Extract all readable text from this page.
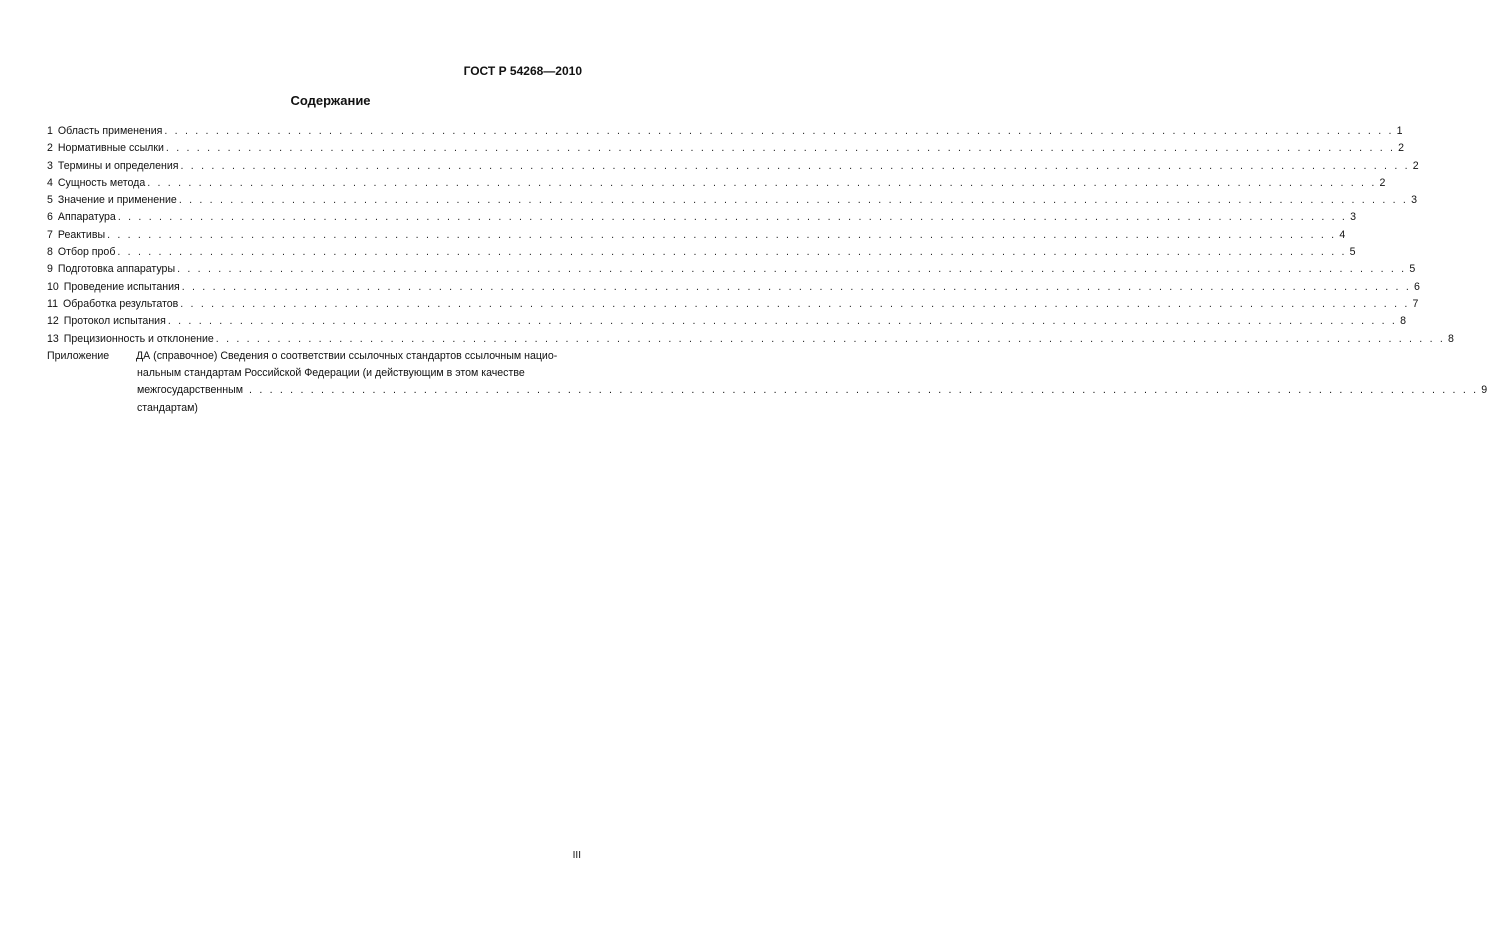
ГОСТ Р 54268—2010
Содержание
1 Область применения . . . . . . . . . . . . . . . . . . . . . . . . . . . . . . . . . . . . . . . . . . . . . . . . . . . . . . . . . . . . . . . . . . . . . . . . . . . . . . . . . . . . . . . . . . . . . . . . . . . . . . . . . . . . . . . . . . . . . . . . 1
2 Нормативные ссылки . . . . . . . . . . . . . . . . . . . . . . . . . . . . . . . . . . . . . . . . . . . . . . . . . . . . . . . . . . . . . . . . . . . . . . . . . . . . . . . . . . . . . . . . . . . . . . . . . . . . . . . . . . . . . . . . . . . . . . . . 2
3 Термины и определения . . . . . . . . . . . . . . . . . . . . . . . . . . . . . . . . . . . . . . . . . . . . . . . . . . . . . . . . . . . . . . . . . . . . . . . . . . . . . . . . . . . . . . . . . . . . . . . . . . . . . . . . . . . . . . . . . . . . . . . . 2
4 Сущность метода . . . . . . . . . . . . . . . . . . . . . . . . . . . . . . . . . . . . . . . . . . . . . . . . . . . . . . . . . . . . . . . . . . . . . . . . . . . . . . . . . . . . . . . . . . . . . . . . . . . . . . . . . . . . . . . . . . . . . . . . 2
5 Значение и применение . . . . . . . . . . . . . . . . . . . . . . . . . . . . . . . . . . . . . . . . . . . . . . . . . . . . . . . . . . . . . . . . . . . . . . . . . . . . . . . . . . . . . . . . . . . . . . . . . . . . . . . . . . . . . . . . . . . . . . . . 3
6 Аппаратура . . . . . . . . . . . . . . . . . . . . . . . . . . . . . . . . . . . . . . . . . . . . . . . . . . . . . . . . . . . . . . . . . . . . . . . . . . . . . . . . . . . . . . . . . . . . . . . . . . . . . . . . . . . . . . . . . . . . . . . . 3
7 Реактивы . . . . . . . . . . . . . . . . . . . . . . . . . . . . . . . . . . . . . . . . . . . . . . . . . . . . . . . . . . . . . . . . . . . . . . . . . . . . . . . . . . . . . . . . . . . . . . . . . . . . . . . . . . . . . . . . . . . . . . . . 4
8 Отбор проб . . . . . . . . . . . . . . . . . . . . . . . . . . . . . . . . . . . . . . . . . . . . . . . . . . . . . . . . . . . . . . . . . . . . . . . . . . . . . . . . . . . . . . . . . . . . . . . . . . . . . . . . . . . . . . . . . . . . . . . . 5
9 Подготовка аппаратуры . . . . . . . . . . . . . . . . . . . . . . . . . . . . . . . . . . . . . . . . . . . . . . . . . . . . . . . . . . . . . . . . . . . . . . . . . . . . . . . . . . . . . . . . . . . . . . . . . . . . . . . . . . . . . . . . . . . . . . . . 5
10 Проведение испытания . . . . . . . . . . . . . . . . . . . . . . . . . . . . . . . . . . . . . . . . . . . . . . . . . . . . . . . . . . . . . . . . . . . . . . . . . . . . . . . . . . . . . . . . . . . . . . . . . . . . . . . . . . . . . . . . . . . . . . . . 6
11 Обработка результатов . . . . . . . . . . . . . . . . . . . . . . . . . . . . . . . . . . . . . . . . . . . . . . . . . . . . . . . . . . . . . . . . . . . . . . . . . . . . . . . . . . . . . . . . . . . . . . . . . . . . . . . . . . . . . . . . . . . . . . . . 7
12 Протокол испытания . . . . . . . . . . . . . . . . . . . . . . . . . . . . . . . . . . . . . . . . . . . . . . . . . . . . . . . . . . . . . . . . . . . . . . . . . . . . . . . . . . . . . . . . . . . . . . . . . . . . . . . . . . . . . . . . . . . . . . . . 8
13 Прецизионность и отклонение . . . . . . . . . . . . . . . . . . . . . . . . . . . . . . . . . . . . . . . . . . . . . . . . . . . . . . . . . . . . . . . . . . . . . . . . . . . . . . . . . . . . . . . . . . . . . . . . . . . . . . . . . . . . . . . . . . . . . . . . 8
Приложение	ДА (справочное) Сведения о соответствии ссылочных стандартов ссылочным нацио-
нальным стандартам Российской Федерации (и действующим в этом качестве
межгосударственным стандартам)
. . . . . . . . . . . . . . . . . . . . . . . . . . . . . . . . . . . . . . . . . . . . . . . . . . . . . . . . . . . . . . . . . . . . . . . . . . . . . . . . . . . . . . . . . . . . . . . . . . . . . . . . . . . . . . . . . . . . . . . . 9
III
